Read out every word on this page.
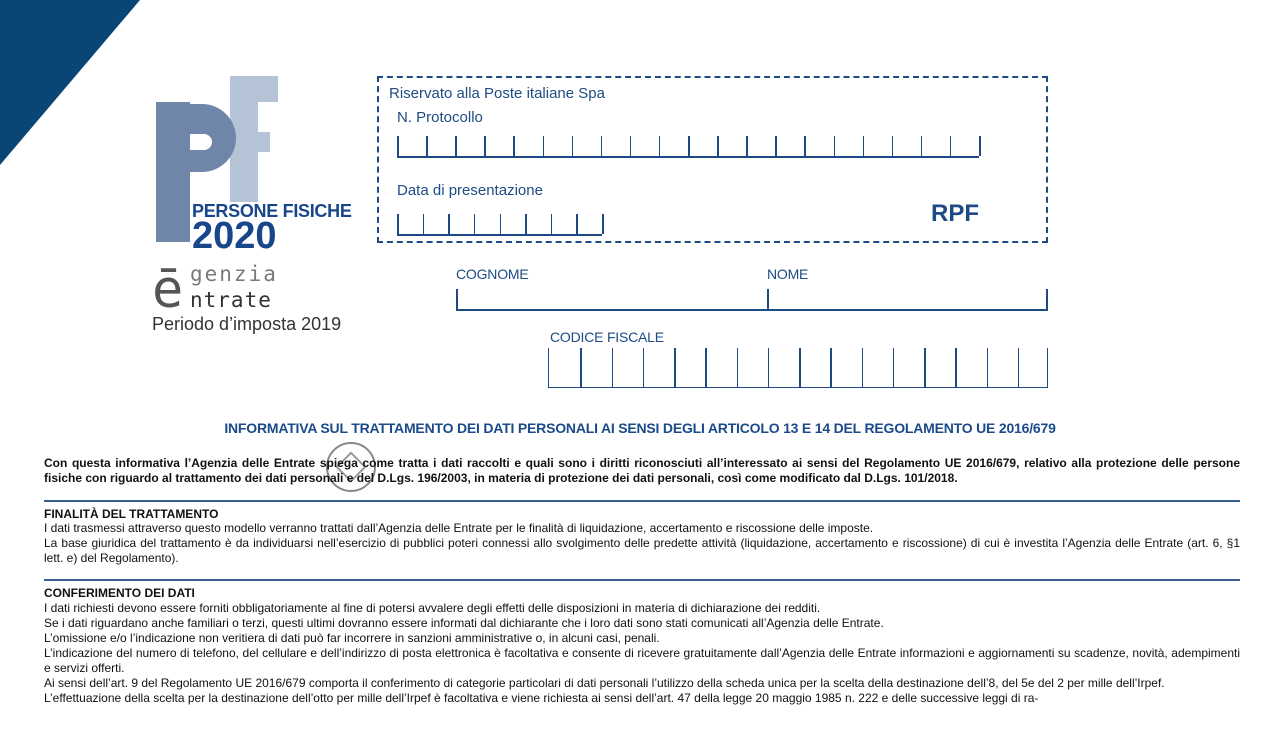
PERSONE FISICHE
2020
ē genzia
ntrate
Periodo d’imposta 2019
Riservato alla Poste italiane Spa
N. Protocollo
Data di presentazione
RPF
COGNOME	NOME
CODICE FISCALE
INFORMATIVA SUL TRATTAMENTO DEI DATI PERSONALI AI SENSI DEGLI ARTICOLO 13 E 14 DEL REGOLAMENTO UE 2016/679
Con questa informativa l’Agenzia delle Entrate spiega come tratta i dati raccolti e quali sono i diritti riconosciuti all’interessato ai sensi del Regolamento UE 2016/679, relativo alla protezione delle persone fisiche con riguardo al trattamento dei dati personali e del D.Lgs. 196/2003, in materia di protezione dei dati personali, così come modificato dal D.Lgs. 101/2018.
FINALITÀ DEL TRATTAMENTO

I dati trasmessi attraverso questo modello verranno trattati dall’Agenzia delle Entrate per le finalità di liquidazione, accertamento e riscossione delle imposte.

La base giuridica del trattamento è da individuarsi nell’esercizio di pubblici poteri connessi allo svolgimento delle predette attività (liquidazione, accertamento e riscossione) di cui è investita l’Agenzia delle Entrate (art. 6, §1 lett. e) del Regolamento).

CONFERIMENTO DEI DATI

I dati richiesti devono essere forniti obbligatoriamente al fine di potersi avvalere degli effetti delle disposizioni in materia di dichiarazione dei redditi.

Se i dati riguardano anche familiari o terzi, questi ultimi dovranno essere informati dal dichiarante che i loro dati sono stati comunicati all’Agenzia delle Entrate.

L’omissione e/o l’indicazione non veritiera di dati può far incorrere in sanzioni amministrative o, in alcuni casi, penali.

L’indicazione del numero di telefono, del cellulare e dell’indirizzo di posta elettronica è facoltativa e consente di ricevere gratuitamente dall’Agenzia delle Entrate informazioni e aggiornamenti su scadenze, novità, adempimenti e servizi offerti.

Ai sensi dell’art. 9 del Regolamento UE 2016/679 comporta il conferimento di categorie particolari di dati personali l’utilizzo della scheda unica per la scelta della destinazione dell’8, del 5e del 2 per mille dell’Irpef.

L’effettuazione della scelta per la destinazione dell’otto per mille dell’Irpef è facoltativa e viene richiesta ai sensi dell’art. 47 della legge 20 maggio 1985 n. 222 e delle successive leggi di ra-
